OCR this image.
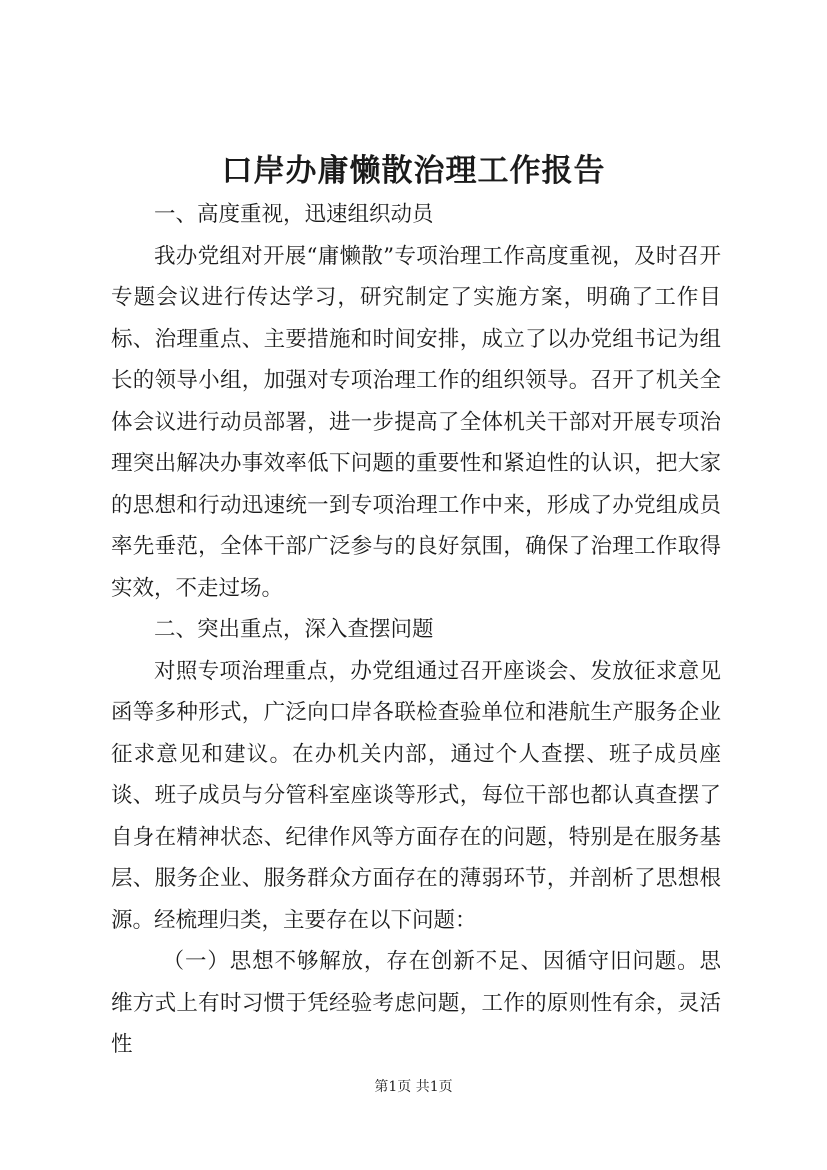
口岸办庸懒散治理工作报告

一、高度重视，迅速组织动员

我办党组对开展“庸懒散”专项治理工作高度重视，及时召开专题会议进行传达学习，研究制定了实施方案，明确了工作目标、治理重点、主要措施和时间安排，成立了以办党组书记为组长的领导小组，加强对专项治理工作的组织领导。召开了机关全体会议进行动员部署，进一步提高了全体机关干部对开展专项治理突出解决办事效率低下问题的重要性和紧迫性的认识，把大家的思想和行动迅速统一到专项治理工作中来，形成了办党组成员率先垂范，全体干部广泛参与的良好氛围，确保了治理工作取得实效，不走过场。

二、突出重点，深入查摆问题

对照专项治理重点，办党组通过召开座谈会、发放征求意见函等多种形式，广泛向口岸各联检查验单位和港航生产服务企业征求意见和建议。在办机关内部，通过个人查摆、班子成员座谈、班子成员与分管科室座谈等形式，每位干部也都认真查摆了自身在精神状态、纪律作风等方面存在的问题，特别是在服务基层、服务企业、服务群众方面存在的薄弱环节，并剖析了思想根源。经梳理归类，主要存在以下问题：

（一）思想不够解放，存在创新不足、因循守旧问题。思维方式上有时习惯于凭经验考虑问题，工作的原则性有余，灵活性

第1页 共1页
